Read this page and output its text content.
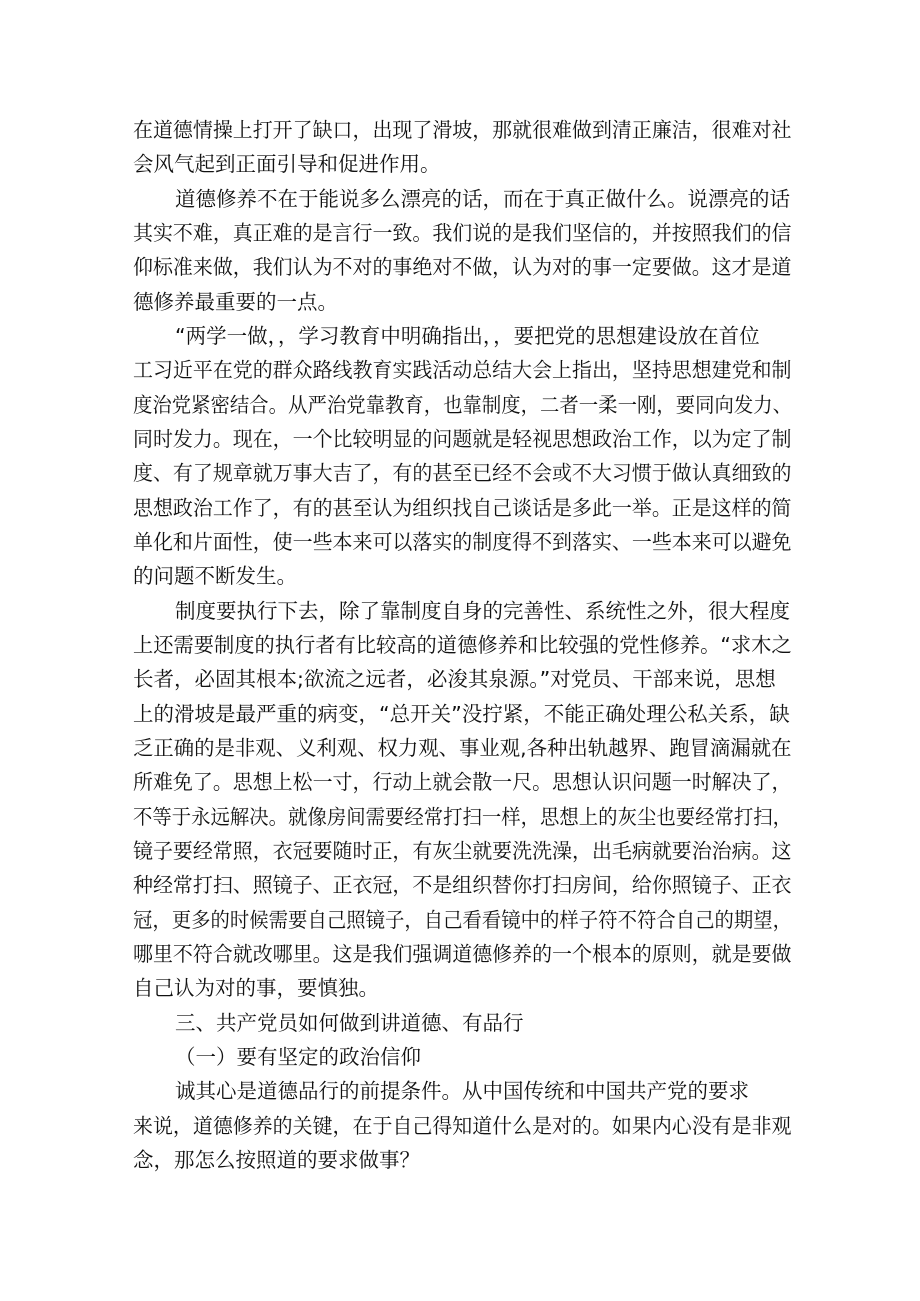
在道德情操上打开了缺口，出现了滑坡，那就很难做到清正廉洁，很难对社
会风气起到正面引导和促进作用。
道德修养不在于能说多么漂亮的话，而在于真正做什么。说漂亮的话
其实不难，真正难的是言行一致。我们说的是我们坚信的，并按照我们的信
仰标准来做，我们认为不对的事绝对不做，认为对的事一定要做。这才是道
德修养最重要的一点。
“两学一做，，学习教育中明确指出，，要把党的思想建设放在首位
工习近平在党的群众路线教育实践活动总结大会上指出，坚持思想建党和制
度治党紧密结合。从严治党靠教育，也靠制度，二者一柔一刚，要同向发力、
同时发力。现在，一个比较明显的问题就是轻视思想政治工作，以为定了制
度、有了规章就万事大吉了，有的甚至已经不会或不大习惯于做认真细致的
思想政治工作了，有的甚至认为组织找自己谈话是多此一举。正是这样的简
单化和片面性，使一些本来可以落实的制度得不到落实、一些本来可以避免
的问题不断发生。
制度要执行下去，除了靠制度自身的完善性、系统性之外，很大程度
上还需要制度的执行者有比较高的道德修养和比较强的党性修养。“求木之
长者，必固其根本;欲流之远者，必浚其泉源。”对党员、干部来说，思想
上的滑坡是最严重的病变，“总开关”没拧紧，不能正确处理公私关系，缺
乏正确的是非观、义利观、权力观、事业观,各种出轨越界、跑冒滴漏就在
所难免了。思想上松一寸，行动上就会散一尺。思想认识问题一时解决了，
不等于永远解决。就像房间需要经常打扫一样，思想上的灰尘也要经常打扫，
镜子要经常照，衣冠要随时正，有灰尘就要洗洗澡，出毛病就要治治病。这
种经常打扫、照镜子、正衣冠，不是组织替你打扫房间，给你照镜子、正衣
冠，更多的时候需要自己照镜子，自己看看镜中的样子符不符合自己的期望，
哪里不符合就改哪里。这是我们强调道德修养的一个根本的原则，就是要做
自己认为对的事，要慎独。
三、共产党员如何做到讲道德、有品行
（一）要有坚定的政治信仰
诚其心是道德品行的前提条件。从中国传统和中国共产党的要求
来说，道德修养的关键，在于自己得知道什么是对的。如果内心没有是非观
念，那怎么按照道的要求做事？
